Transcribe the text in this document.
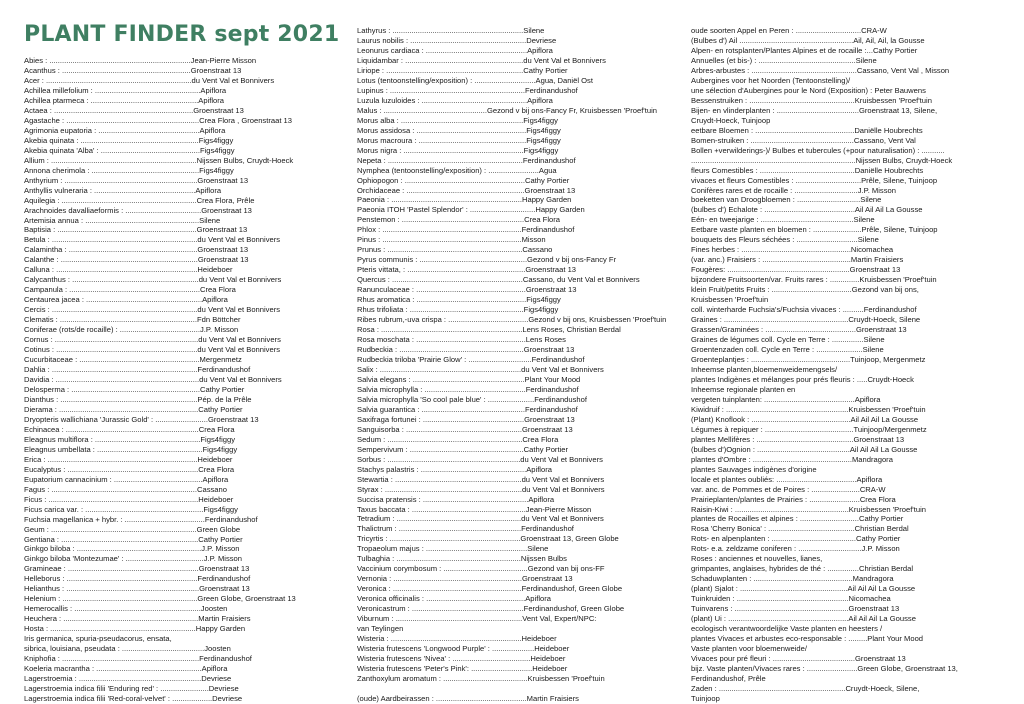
PLANT FINDER sept 2021
Abies : ...................................................................Jean-Pierre Misson
Acanthus : .............................................................Groenstraat 13
Acer : .....................................................................du Vent Val et Bonnivers
Achillea millefolium : ..................................................Apiflora
Achillea ptarmeca : ...................................................Apiflora
Actaea : ..................................................................Groenstraat 13
Agastache : ...............................................................Crea Flora , Groenstraat 13
Agrimonia eupatoria : ................................................Apiflora
Akebia quinata : ........................................................Figs4figgy
Akebia quinata 'Alba' : ...............................................Figs4figgy
Allium : .....................................................................Nijssen Bulbs, Cruydt-Hoeck
Annona cherimola : ...................................................Figs4figgy
Anthyrium : ...............................................................Groenstraat 13
Anthyllis vulneraria : ................................................Apiflora
Aquilegia : ................................................................Crea Flora, Prêle
Arachnoides davalliaeformis : ....................................Groenstraat 13
Artemisia annua : ......................................................Silene
Baptisia : ..................................................................Groenstraat 13
Betula : .....................................................................du Vent Val et Bonnivers
Calamintha : .............................................................Groenstraat 13
Calanthe : .................................................................Groenstraat 13
Calluna : ...................................................................Heideboer
Calycanthus : ............................................................du Vent Val et Bonnivers
Campanula : ..............................................................Crea Flora
Centaurea jacea : .......................................................Apiflora
Cercis : .....................................................................du Vent Val et Bonnivers
Clematis : .................................................................Fdn Böttcher
Coniferae (rots/de rocaille) : ......................................J.P. Misson
Cornus : ....................................................................du Vent Val et Bonnivers
Cotinus : ...................................................................du Vent Val et Bonnivers
Cucurbitaceae : .........................................................Mergenmetz
Dahlia : .....................................................................Ferdinandushof
Davidia : ....................................................................du Vent Val et Bonnivers
Delosperma : .............................................................Cathy Portier
Dianthus : .................................................................Pép. de la Prêle
Dierama : ..................................................................Cathy Portier
Dryopteris wallichiana 'Jurassic Gold' : .........................Groenstraat 13
Echinacea : ...............................................................Crea Flora
Eleagnus multiflora : ..................................................Figs4figgy
Eleagnus umbellata : ..................................................Figs4figgy
Erica : .......................................................................Heideboer
Eucalyptus : ..............................................................Crea Flora
Eupatorium cannacinium : ..........................................Apiflora
Fagus : .....................................................................Cassano
Ficus : .......................................................................Heideboer
Ficus carica var. : ........................................................Figs4figgy
Fuchsia magellanica + hybr. : ......................................Ferdinandushof
Geum : .....................................................................Green Globe
Gentiana : .................................................................Cathy Portier
Ginkgo biloba : ...........................................................J.P. Misson
Ginkgo biloba 'Montezumae' : .....................................J.P. Misson
Gramineae : ..............................................................Groenstraat 13
Helleborus : ..............................................................Ferdinandushof
Helianthus : ...............................................................Groenstraat 13
Helenium : ................................................................Green Globe, Groenstraat 13
Hemerocallis : ............................................................Joosten
Heuchera : ................................................................Martin Fraisiers
Hosta : .....................................................................Happy Garden
Iris germanica, spuria-pseudacorus, ensata,
sibrica, louisiana, pseudata : .......................................Joosten
Kniphofia : .................................................................Ferdinandushof
Koeleria macrantha : ..................................................Apiflora
Lagerstroemia : ..........................................................Devriese
Lagerstroemia indica filii 'Enduring red' : .......................Devriese
Lagerstroemia indica filii 'Red-coral-velvet' : ...................Devriese
Lathyrus : ..............................................................Silene
Laurus nobilis : .......................................................Devriese
Leonurus cardiaca : ................................................Apiflora
Liquidambar : ........................................................du Vent Val et Bonnivers
Liriope : .................................................................Cathy Portier
Lotus (tentoonstelling/exposition) : .............................Agua, Daniël Ost
Lupinus : ................................................................Ferdinandushof
Luzula luzuloides : ..................................................Apiflora
Malus : .................................................Gezond v bij ons-Fancy Fr, Kruisbessen 'Proef'tuin
Morus alba : ..........................................................Figs4figgy
Morus assidosa : ....................................................Figs4figgy
Morus macroura : ...................................................Figs4figgy
Morus nigra : .........................................................Figs4figgy
Nepeta : ................................................................Ferdinandushof
Nymphea (tentoonstelling/exposition) : ........................Agua
Ophiopogon : .........................................................Cathy Portier
Orchidaceae : ........................................................Groenstraat 13
Paeonia : ..............................................................Happy Garden
Paeonia ITOH 'Pastel Splendor' : ...............................Happy Garden
Penstemon : ..........................................................Crea Flora
Phlox : ..................................................................Ferdinandushof
Pinus : ..................................................................Misson
Prunus : ................................................................Cassano
Pyrus communis : ...................................................Gezond v bij ons-Fancy Fr
Pteris vittata, : ........................................................Groenstraat 13
Quercus : ..............................................................Cassano, du Vent Val et Bonnivers
Ranunculaceae : ....................................................Groenstraat 13
Rhus aromatica : ....................................................Figs4figgy
Rhus trifoliata : ......................................................Figs4figgy
Ribes rubrum,-uva crispa : ......................................Gezond v bij ons, Kruisbessen 'Proef'tuin
Rosa : ...................................................................Lens Roses, Christian Berdal
Rosa moschata : ....................................................Lens Roses
Rudbeckia : ...........................................................Groenstraat 13
Rudbeckia triloba 'Prairie Glow' : ..............................Ferdinandushof
Salix : ...................................................................du Vent Val et Bonnivers
Salvia elegans : .....................................................Plant Your Mood
Salvia microphylla : ................................................Ferdinandushof
Salvia microphylla 'So cool pale blue' : ......................Ferdinandushof
Salvia guarantica : .................................................Ferdinandushof
Saxifraga fortunei : ................................................Groenstraat 13
Sanguisorba : .......................................................Groenstraat 13
Sedum : ................................................................Crea Flora
Sempervivum : ......................................................Cathy Portier
Sorbus : ...............................................................du Vent Val et Bonnivers
Stachys palastris : ..................................................Apiflora
Stewartia : ............................................................du Vent Val et Bonnivers
Styrax : .................................................................du Vent Val et Bonnivers
Succisa pratensis : ..................................................Apiflora
Taxus baccata : ......................................................Jean-Pierre Misson
Tetradium : ...........................................................du Vent Val et Bonnivers
Thalictrum : ..........................................................Ferdinandushof
Tricyrtis : ..............................................................Groenstraat 13, Green Globe
Tropaeolum majus : ................................................Silene
Tulbaghia : ...........................................................Nijssen Bulbs
Vaccinium corymbosum : ........................................Gezond van bij ons-FF
Vernonia : .............................................................Groenstraat 13
Veronica : .............................................................Ferdinandushof, Green Globe
Veronica officinalis : ...............................................Apiflora
Veronicastrum : .....................................................Ferdinandushof, Green Globe
Viburnum : ............................................................Vent Val, Expert/NPC:
van Teylingen
Wisteria : ..............................................................Heideboer
Wisteria frutescens 'Longwood Purple' : ....................Heideboer
Wisteria frutescens 'Nivea' : .....................................Heideboer
Wisteria frutescens 'Peter's Pink': .............................Heideboer
Zanthoxylum aromatum : ........................................Kruisbessen 'Proef'tuin
(oude) Aardbeirassen : ...........................................Martin Fraisiers
oude soorten Appel en Peren : ...............................CRA-W
(Bulbes d') Ail ......................................................Ail, Ail, Ail, la Gousse
Alpen- en rotsplanten/Plantes Alpines et de rocaille :...Cathy Portier
Annuelles (et bis-) : ..............................................Silene
Arbres-arbustes : ..................................................Cassano, Vent Val , Misson
Aubergines voor het Noorden (Tentoonstelling)/
une sélection d'Aubergines pour le Nord (Exposition) : Peter Bauwens
Bessenstruiken : ..................................................Kruisbessen 'Proef'tuin
Bijen- en vlinderplanten : .......................................Groenstraat 13, Silene,
Cruydt-Hoeck, Tuinjoop
eetbare Bloemen : ...............................................Daniëlle Houbrechts
Bomen-struiken : .................................................Cassano, Vent Val
Bollen +verwilderings-)/ Bulbes et tubercules (+pour naturalisation) : ...........
..............................................................................Nijssen Bulbs, Cruydt-Hoeck
fleurs Comestibles : .............................................Daniëlle Houbrechts
vivaces et fleurs Comestibles : ...............................Prêle, Silene, Tuinjoop
Conifères rares et de rocaille : ..............................J.P. Misson
boeketten van Droogbloemen : ..............................Silene
(bulbes d') Echalote : ...........................................Ail Ail Ail La Gousse
Eén- en tweejarige : ............................................Silene
Eetbare vaste planten en bloemen : .......................Prêle, Silene, Tuinjoop
bouquets des Fleurs séchées : .............................Silene
Fines herbes : ....................................................Nicomachea
(var. anc.) Fraisiers : ..........................................Martin Fraisiers
Fougères: ..........................................................Groenstraat 13
bijzondere Fruitsoorten/var. Fruits rares : ..............Kruisbessen 'Proef'tuin
klein Fruit/petits Fruits : ......................................Gezond van bij ons,
Kruisbessen 'Proef'tuin
coll. winterharde Fuchsia's/Fuchsia vivaces : ..........Ferdinandushof
Graines : ...........................................................Cruydt-Hoeck, Silene
Grassen/Graminées : ...........................................Groenstraat 13
Graines de légumes coll. Cycle en Terre : ...............Silene
Groentenzaden coll. Cycle en Terre : ......................Silene
Groenteplantjes : ...............................................Tuinjoop, Mergenmetz
Inheemse planten,bloemenweidemengsels/
plantes Indigènes et mélanges pour prés fleuris : .....Cruydt-Hoeck
Inheemse regionale planten en
vergeten tuinplanten: ...........................................Apiflora
Kiwidruif : ..........................................................Kruisbessen 'Proef'tuin
(Plant) Knoflook : ...............................................Ail Ail Ail La Gousse
Légumes à repiquer : ..........................................Tuinjoop/Mergenmetz
plantes Mellifères : ..............................................Groenstraat 13
(bulbes d')Ognion : ............................................Ail Ail Ail La Gousse
plantes d'Ombre : ...............................................Mandragora
plantes Sauvages indigènes d'origine
locale et plantes oubliés: ......................................Apiflora
var. anc. de Pommes et de Poires : .......................CRA-W
Prairieplanten/plantes de Prairies : ........................Crea Flora
Raisin-Kiwi : ......................................................Kruisbessen 'Proef'tuin
plantes de Rocailles et alpines : ............................Cathy Portier
Rosa 'Cherry Bonica' : .........................................Christian Berdal
Rots- en alpenplanten : ........................................Cathy Portier
Rots- e.a. zeldzame coniferen : ..............................J.P. Misson
Roses : anciennes et nouvelles, lianes,
grimpantes, anglaises, hybrides de thé : ...............Christian Berdal
Schaduwplanten : ...............................................Mandragora
(plant) Sjalot : ...................................................Ail Ail Ail La Gousse
Tuinkruiden : .....................................................Nicomachea
Tuinvarens : ......................................................Groenstraat 13
(plant) Ui : .........................................................Ail Ail Ail La Gousse
ecologisch verantwoordelijke Vaste planten en heesters /
plantes Vivaces et arbustes eco-responsable : .........Plant Your Mood
Vaste planten voor bloemenweide/
Vivaces pour pré fleuri : .......................................Groenstraat 13
bijz. Vaste planten/Vivaces rares : ........................Green Globe, Groenstraat 13,
Ferdinandushof, Prêle
Zaden : ............................................................Cruydt-Hoeck, Silene,
Tuinjoop
